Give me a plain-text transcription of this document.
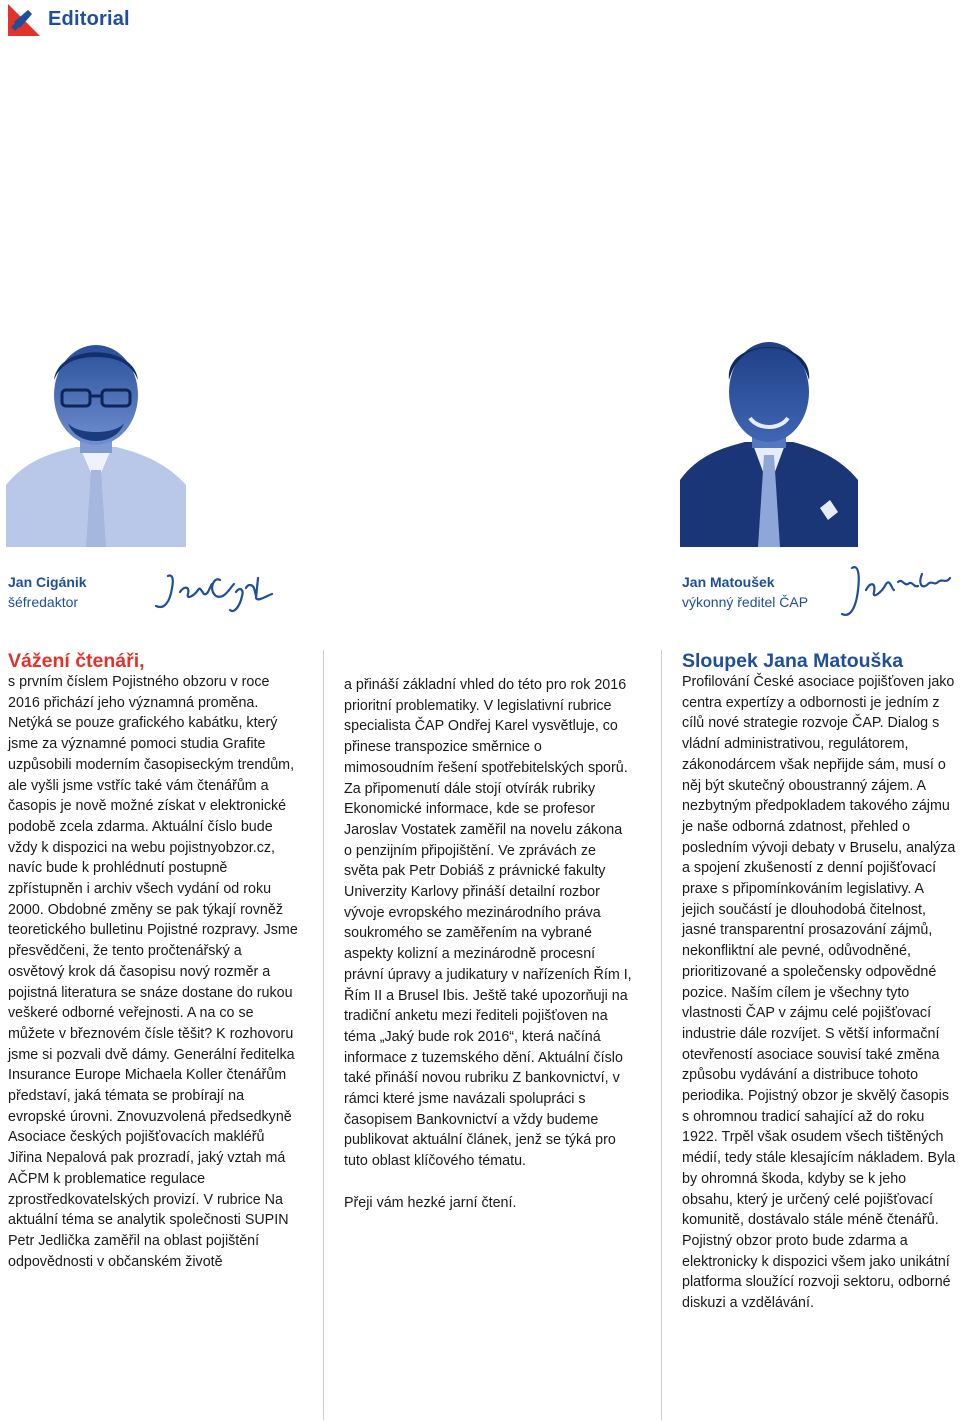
Editorial
Jan Cigánik
šéfredaktor
Jan Matoušek
výkonný ředitel ČAP

Vážení čtenáři,

s prvním číslem Pojistného obzoru v roce 2016 přichází jeho významná proměna. Netýká se pouze grafického kabátku, který jsme za významné pomoci studia Grafite uzpůsobili moderním časopiseckým trendům, ale vyšli jsme vstříc také vám čtenářům a časopis je nově možné získat v elektronické podobě zcela zdarma. Aktuální číslo bude vždy k dispozici na webu pojistnyobzor.cz, navíc bude k prohlédnutí postupně zpřístupněn i archiv všech vydání od roku 2000. Obdobné změny se pak týkají rovněž teoretického bulletinu Pojistné rozpravy. Jsme přesvědčeni, že tento pročtenářský a osvětový krok dá časopisu nový rozměr a pojistná literatura se snáze dostane do rukou veškeré odborné veřejnosti. A na co se můžete v březnovém čísle těšit? K rozhovoru jsme si pozvali dvě dámy. Generální ředitelka Insurance Europe Michaela Koller čtenářům představí, jaká témata se probírají na evropské úrovni. Znovuzvolená předsedkyně Asociace českých pojišťovacích makléřů Jiřina Nepalová pak prozradí, jaký vztah má AČPM k problematice regulace zprostředkovatelských provizí. V rubrice Na aktuální téma se analytik společnosti SUPIN Petr Jedlička zaměřil na oblast pojištění odpovědnosti v občanském životě

a přináší základní vhled do této pro rok 2016 prioritní problematiky. V legislativní rubrice specialista ČAP Ondřej Karel vysvětluje, co přinese transpozice směrnice o mimosoudním řešení spotřebitelských sporů. Za připomenutí dále stojí otvírák rubriky Ekonomické informace, kde se profesor Jaroslav Vostatek zaměřil na novelu zákona o penzijním připojištění. Ve zprávách ze světa pak Petr Dobiáš z právnické fakulty Univerzity Karlovy přináší detailní rozbor vývoje evropského mezinárodního práva soukromého se zaměřením na vybrané aspekty kolizní a mezinárodně procesní právní úpravy a judikatury v nařízeních Řím I, Řím II a Brusel Ibis. Ještě také upozorňuji na tradiční anketu mezi řediteli pojišťoven na téma „Jaký bude rok 2016“, která načíná informace z tuzemského dění. Aktuální číslo také přináší novou rubriku Z bankovnictví, v rámci které jsme navázali spolupráci s časopisem Bankovnictví a vždy budeme publikovat aktuální článek, jenž se týká pro tuto oblast klíčového tématu.

Přeji vám hezké jarní čtení.

Sloupek Jana Matouška

Profilování České asociace pojišťoven jako centra expertízy a odbornosti je jedním z cílů nové strategie rozvoje ČAP. Dialog s vládní administrativou, regulátorem, zákonodárcem však nepřijde sám, musí o něj být skutečný oboustranný zájem. A nezbytným předpokladem takového zájmu je naše odborná zdatnost, přehled o posledním vývoji debaty v Bruselu, analýza a spojení zkušeností z denní pojišťovací praxe s připomínkováním legislativy. A jejich součástí je dlouhodobá čitelnost, jasné transparentní prosazování zájmů, nekonfliktní ale pevné, odůvodněné, prioritizované a společensky odpovědné pozice. Naším cílem je všechny tyto vlastnosti ČAP v zájmu celé pojišťovací industrie dále rozvíjet. S větší informační otevřeností asociace souvisí také změna způsobu vydávání a distribuce tohoto periodika. Pojistný obzor je skvělý časopis s ohromnou tradicí sahající až do roku 1922. Trpěl však osudem všech tištěných médií, tedy stále klesajícím nákladem. Byla by ohromná škoda, kdyby se k jeho obsahu, který je určený celé pojišťovací komunitě, dostávalo stále méně čtenářů. Pojistný obzor proto bude zdarma a elektronicky k dispozici všem jako unikátní platforma sloužící rozvoji sektoru, odborné diskuzi a vzdělávání.
